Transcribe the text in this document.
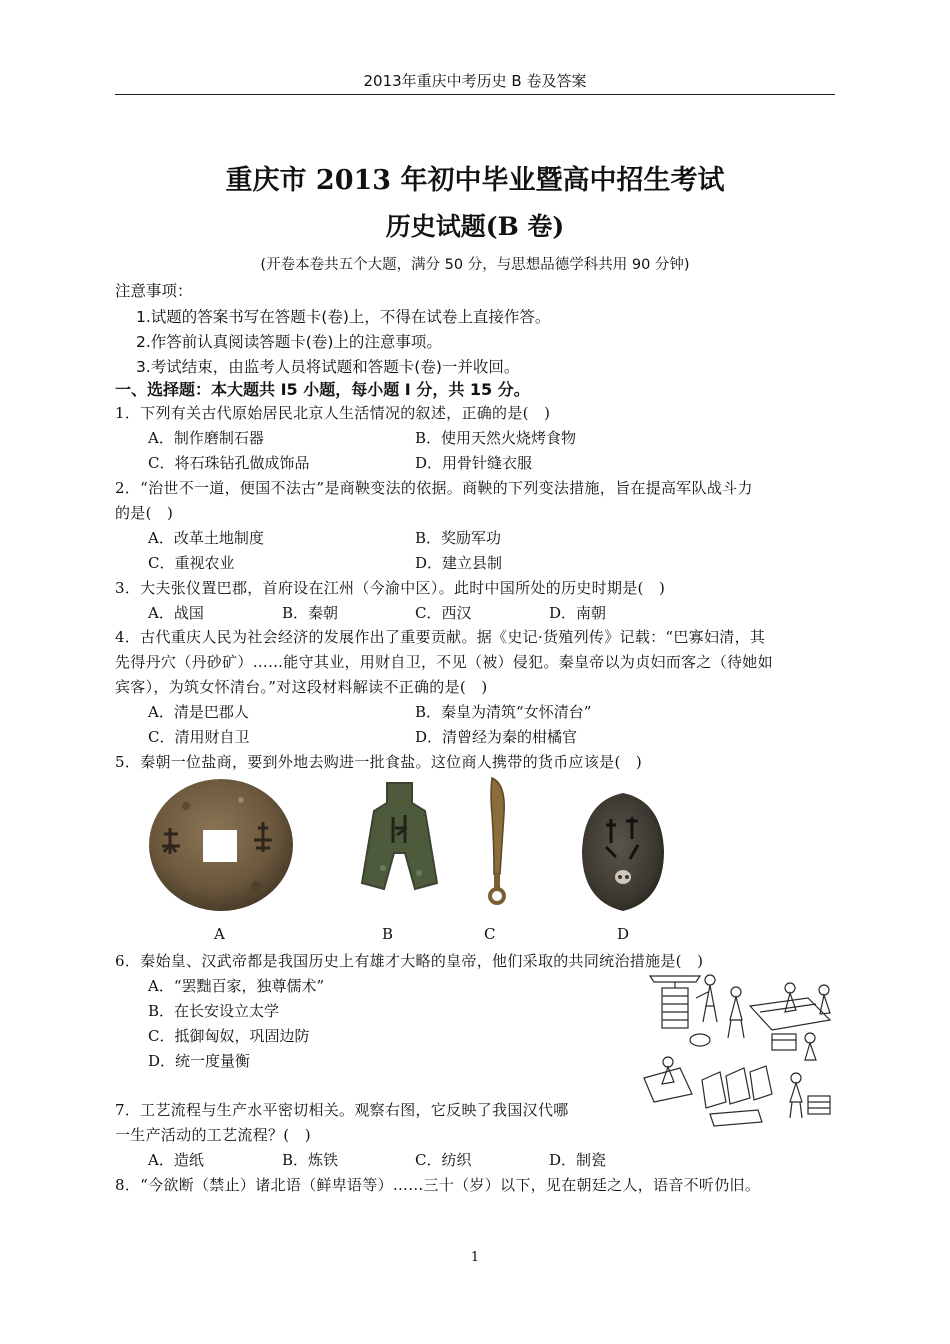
2013年重庆中考历史 B 卷及答案
重庆市 2013 年初中毕业暨高中招生考试
历史试题(B 卷)
(开卷本卷共五个大题，满分 50 分，与思想品德学科共用 90 分钟)
注意事项：
1.试题的答案书写在答题卡(卷)上，不得在试卷上直接作答。
2.作答前认真阅读答题卡(卷)上的注意事项。
3.考试结束，由监考人员将试题和答题卡(卷)一并收回。
一、选择题：本大题共 I5 小题，每小题 I 分，共 15 分。
1．下列有关古代原始居民北京人生活情况的叙述，正确的是(　)
A．制作磨制石器	B．使用天然火烧烤食物
C．将石珠钻孔做成饰品	D．用骨针缝衣服
2．“治世不一道，便国不法古”是商鞅变法的依据。商鞅的下列变法措施，旨在提高军队战斗力
的是(　)
A．改革土地制度	B．奖励军功
C．重视农业	D．建立县制
3．大夫张仪置巴郡，首府设在江州（今渝中区）。此时中国所处的历史时期是(　)
A．战国	B．秦朝	C．西汉	D．南朝
4．古代重庆人民为社会经济的发展作出了重要贡献。据《史记·货殖列传》记载：“巴寡妇清，其
先得丹穴（丹砂矿）……能守其业，用财自卫，不见（被）侵犯。秦皇帝以为贞妇而客之（待她如
宾客），为筑女怀清台。”对这段材料解读不正确的是(　)
A．清是巴郡人	B．秦皇为清筑“女怀清台”
C．清用财自卫	D．清曾经为秦的柑橘官
5．秦朝一位盐商，要到外地去购进一批食盐。这位商人携带的货币应该是(　)
A	B	C	D
6．秦始皇、汉武帝都是我国历史上有雄才大略的皇帝，他们采取的共同统治措施是(　)
A．“罢黜百家，独尊儒术”
B．在长安设立太学
C．抵御匈奴，巩固边防
D．统一度量衡
7．工艺流程与生产水平密切相关。观察右图，它反映了我国汉代哪
一生产活动的工艺流程？(　)
A．造纸	B．炼铁	C．纺织	D．制瓷
8．“今欲断（禁止）诸北语（鲜卑语等）……三十（岁）以下，见在朝廷之人，语音不听仍旧。
1
